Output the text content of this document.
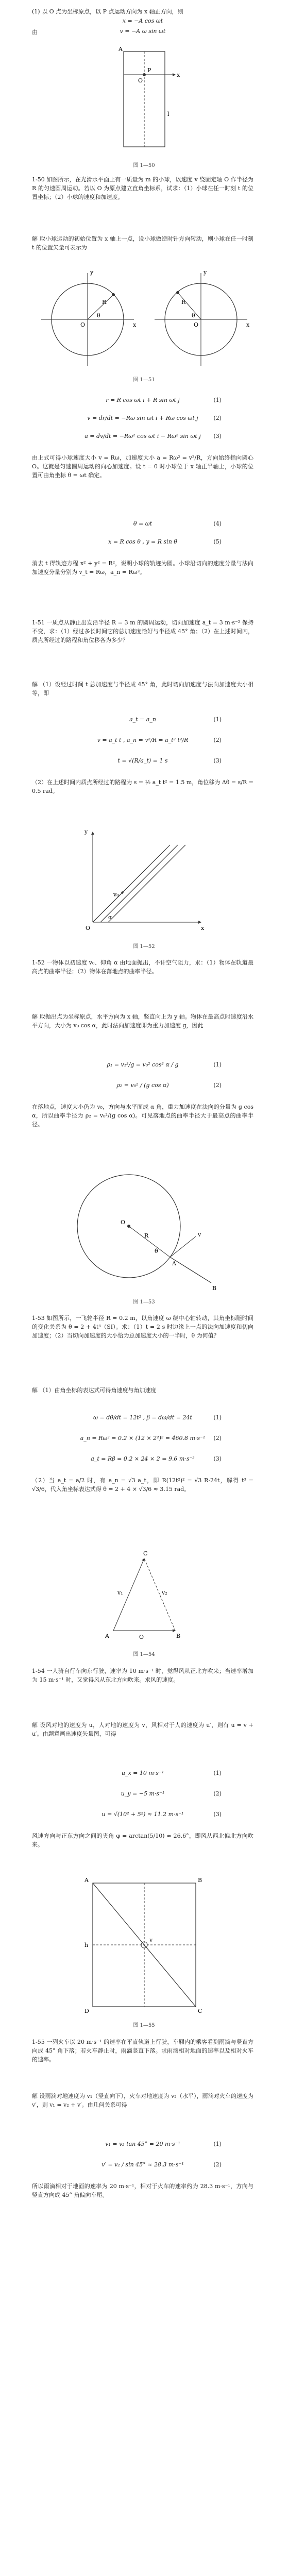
(1) 以 O 点为坐标原点，以 P 点运动方向为 x 轴正方向，则
x = −A cos ωt
由	v = −A ω sin ωt
A
O
P
x
l
图 1—50
1-50 如图所示，在光滑水平面上有一质量为 m 的小球，以速度 v 绕固定轴 O 作半径为 R 的匀速圆周运动。若以 O 为原点建立直角坐标系，试求：（1）小球在任一时刻 t 的位置坐标；（2）小球的速度和加速度。
解 取小球运动的初始位置为 x 轴上一点，设小球做逆时针方向转动，则小球在任一时刻 t 的位置矢量可表示为
y
O	x
R
θ
y
O	x
R
θ
图 1—51
r = R cos ωt i + R sin ωt j	(1)
v = dr/dt = −Rω sin ωt i + Rω cos ωt j	(2)
a = dv/dt = −Rω² cos ωt i − Rω² sin ωt j (3)
由上式可得小球速度大小 v = Rω，加速度大小 a = Rω² = v²/R，方向始终指向圆心 O。这就是匀速圆周运动的向心加速度。设 t = 0 时小球位于 x 轴正半轴上，小球的位置可由角坐标 θ = ωt 确定。
θ = ωt	(4)
x = R cos θ , y = R sin θ	(5)
消去 t 得轨迹方程 x² + y² = R²，说明小球的轨迹为圆。小球沿切向的速度分量与法向加速度分量分别为 v_t = Rω，a_n = Rω²。
1-51 一质点从静止出发沿半径 R = 3 m 的圆周运动，切向加速度 a_t = 3 m·s⁻² 保持不变，求：（1）经过多长时间它的总加速度恰好与半径成 45° 角；（2）在上述时间内，质点所经过的路程和角位移各为多少？
解 （1）设经过时间 t 总加速度与半径成 45° 角，此时切向加速度与法向加速度大小相等，即
a_t = a_n	(1)
v = a_t t , a_n = v²/R = a_t² t²/R	(2)
t = √(R/a_t) = 1 s	(3)
（2）在上述时间内质点所经过的路程为 s = ½ a_t t² = 1.5 m，角位移为 Δθ = s/R = 0.5 rad。
y
x
O
v₀
α
图 1—52
1-52 一物体以初速度 v₀、仰角 α 由地面抛出，不计空气阻力，求：（1）物体在轨道最高点的曲率半径；（2）物体在落地点的曲率半径。
解 取抛出点为坐标原点，水平方向为 x 轴，竖直向上为 y 轴。物体在最高点时速度沿水平方向，大小为 v₀ cos α，此时法向加速度即为重力加速度 g，因此
ρ₁ = v₁²/g = v₀² cos² α / g	(1)
ρ₂ = v₀² / (g cos α)	(2)
在落地点，速度大小仍为 v₀，方向与水平面成 α 角，重力加速度在法向的分量为 g cos α，所以曲率半径为 ρ₂ = v₀²/(g cos α)。可见落地点的曲率半径大于最高点的曲率半径。
O
A
B
R
θ
v
图 1—53
1-53 如图所示，一飞轮半径 R = 0.2 m，以角速度 ω 绕中心轴转动，其角坐标随时间的变化关系为 θ = 2 + 4t³（SI）。求：（1）t = 2 s 时边缘上一点的法向加速度和切向加速度；（2）当切向加速度的大小恰为总加速度大小的一半时，θ 为何值？
解 （1）由角坐标的表达式可得角速度与角加速度
ω = dθ/dt = 12t² , β = dω/dt = 24t	(1)
a_n = Rω² = 0.2 × (12 × 2²)² = 460.8 m·s⁻² (2)
a_t = Rβ = 0.2 × 24 × 2 = 9.6 m·s⁻²	(3)
（2）当 a_t = a/2 时，有 a_n = √3 a_t，即 R(12t²)² = √3 R·24t，解得 t³ = √3/6，代入角坐标表达式得 θ = 2 + 4 × √3/6 ≈ 3.15 rad。
A	B
C
O
v₁	v₂
图 1—54
1-54 一人骑自行车向东行驶，速率为 10 m·s⁻¹ 时，觉得风从正北方吹来；当速率增加为 15 m·s⁻¹ 时，又觉得风从东北方向吹来。求风的速度。
解 设风对地的速度为 u，人对地的速度为 v，风相对于人的速度为 u′，则有 u = v + u′。由题意画出速度矢量图，可得
u_x = 10 m·s⁻¹	(1)
u_y = −5 m·s⁻¹	(2)
u = √(10² + 5²) ≈ 11.2 m·s⁻¹	(3)
风速方向与正东方向之间的夹角 φ = arctan(5/10) ≈ 26.6°，即风从西北偏北方向吹来。
A	B
C
D
h
v
图 1—55
1-55 一列火车以 20 m·s⁻¹ 的速率在平直轨道上行驶，车厢内的乘客看到雨滴与竖直方向成 45° 角下落；若火车静止时，雨滴竖直下落。求雨滴相对地面的速率以及相对火车的速率。
解 设雨滴对地速度为 v₁（竖直向下），火车对地速度为 v₂（水平），雨滴对火车的速度为 v′，则 v₁ = v₂ + v′。由几何关系可得
v₁ = v₂ tan 45° = 20 m·s⁻¹	(1)
v′ = v₂ / sin 45° ≈ 28.3 m·s⁻¹	(2)
所以雨滴相对于地面的速率为 20 m·s⁻¹，相对于火车的速率约为 28.3 m·s⁻¹，方向与竖直方向成 45° 角偏向车尾。
